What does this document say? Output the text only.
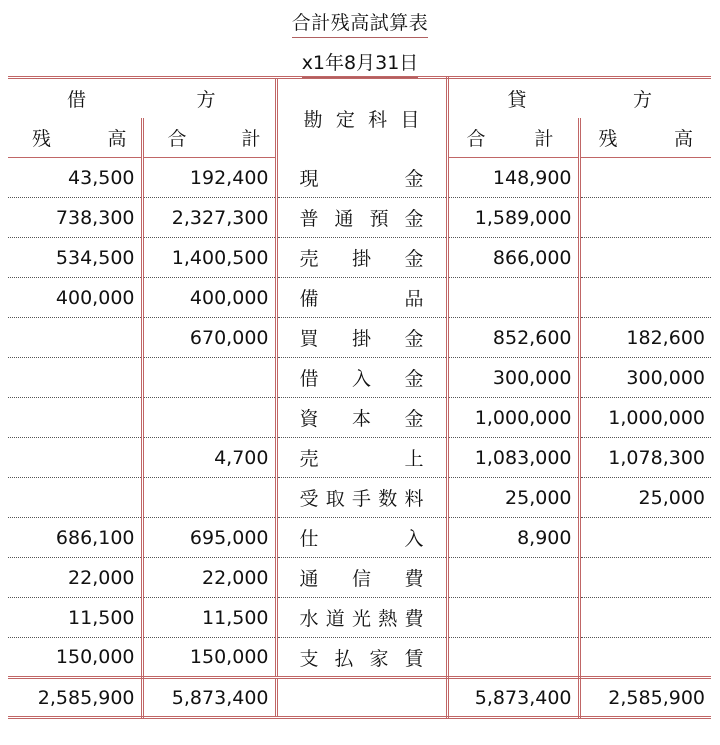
合計残高試算表
x1年8月31日
借 方		勘 定 科 目	貸 方	

残 高	合 計		合 計	残 高

43,500	192,400	現 金	148,900	
738,300	2,327,300	普 通 預 金	1,589,000	
534,500	1,400,500	売 掛 金	866,000	
400,000	400,000	備 品		

	670,000	買 掛 金	852,600	182,600

		借 入 金	300,000	300,000

		資 本 金	1,000,000	1,000,000
	4,700	売 上	1,083,000	1,078,300

		受 取 手 数 料	25,000	25,000
686,100	695,000	仕 入	8,900	
22,000	22,000	通 信 費		

11,500	11,500	水 道 光 熱 費		

150,000	150,000	支 払 家 賃		

2,585,900	5,873,400		5,873,400	2,585,900
